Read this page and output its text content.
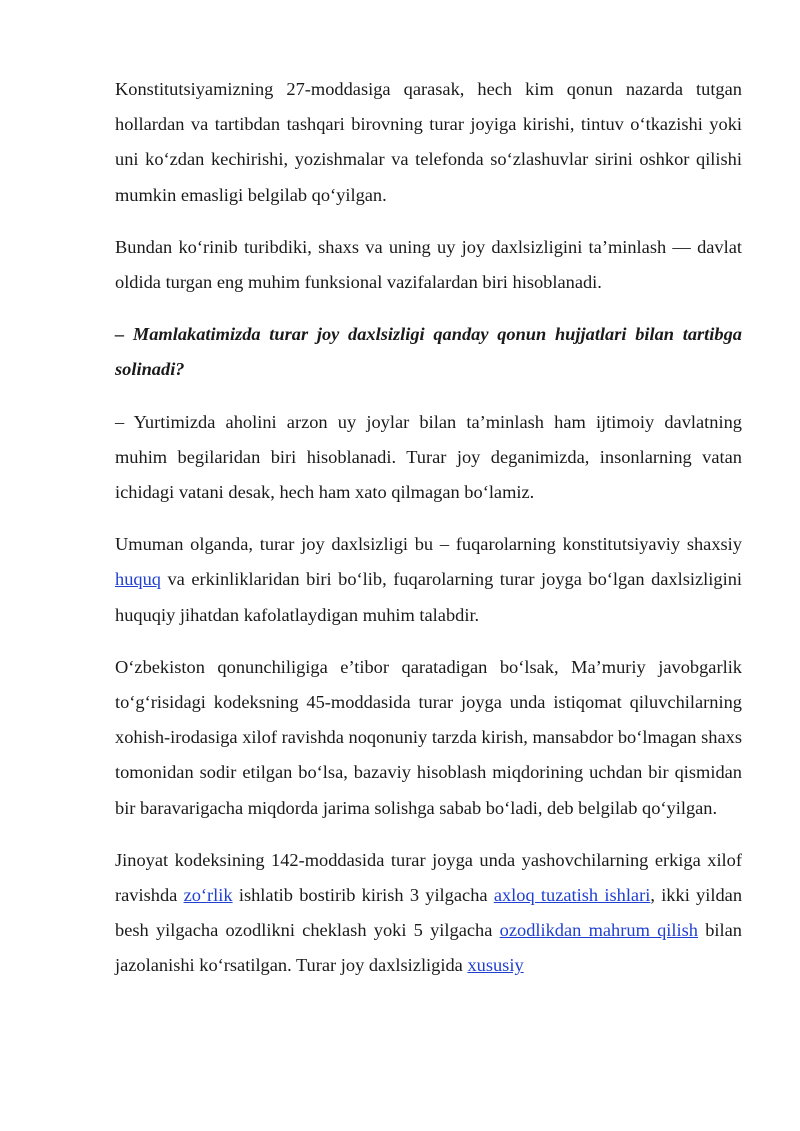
Konstitutsiyamizning 27-moddasiga qarasak, hech kim qonun nazarda tutgan hollardan va tartibdan tashqari birovning turar joyiga kirishi, tintuv o‘tkazishi yoki uni ko‘zdan kechirishi, yozishmalar va telefonda so‘zlashuvlar sirini oshkor qilishi mumkin emasligi belgilab qo‘yilgan.

Bundan ko‘rinib turibdiki, shaxs va uning uy joy daxlsizligini ta’minlash — davlat oldida turgan eng muhim funksional vazifalardan biri hisoblanadi.

– Mamlakatimizda turar joy daxlsizligi qanday qonun hujjatlari bilan tartibga solinadi?

– Yurtimizda aholini arzon uy joylar bilan ta’minlash ham ijtimoiy davlatning muhim begilaridan biri hisoblanadi. Turar joy deganimizda, insonlarning vatan ichidagi vatani desak, hech ham xato qilmagan bo‘lamiz.

Umuman olganda, turar joy daxlsizligi bu – fuqarolarning konstitutsiyaviy shaxsiy huquq va erkinliklaridan biri bo‘lib, fuqarolarning turar joyga bo‘lgan daxlsizligini huquqiy jihatdan kafolatlaydigan muhim talabdir.

O‘zbekiston qonunchiligiga e’tibor qaratadigan bo‘lsak, Ma’muriy javobgarlik to‘g‘risidagi kodeksning 45-moddasida turar joyga unda istiqomat qiluvchilarning xohish-irodasiga xilof ravishda noqonuniy tarzda kirish, mansabdor bo‘lmagan shaxs tomonidan sodir etilgan bo‘lsa, bazaviy hisoblash miqdorining uchdan bir qismidan bir baravarigacha miqdorda jarima solishga sabab bo‘ladi, deb belgilab qo‘yilgan.

Jinoyat kodeksining 142-moddasida turar joyga unda yashovchilarning erkiga xilof ravishda zo‘rlik ishlatib bostirib kirish 3 yilgacha axloq tuzatish ishlari, ikki yildan besh yilgacha ozodlikni cheklash yoki 5 yilgacha ozodlikdan mahrum qilish bilan jazolanishi ko‘rsatilgan. Turar joy daxlsizligida xususiy
